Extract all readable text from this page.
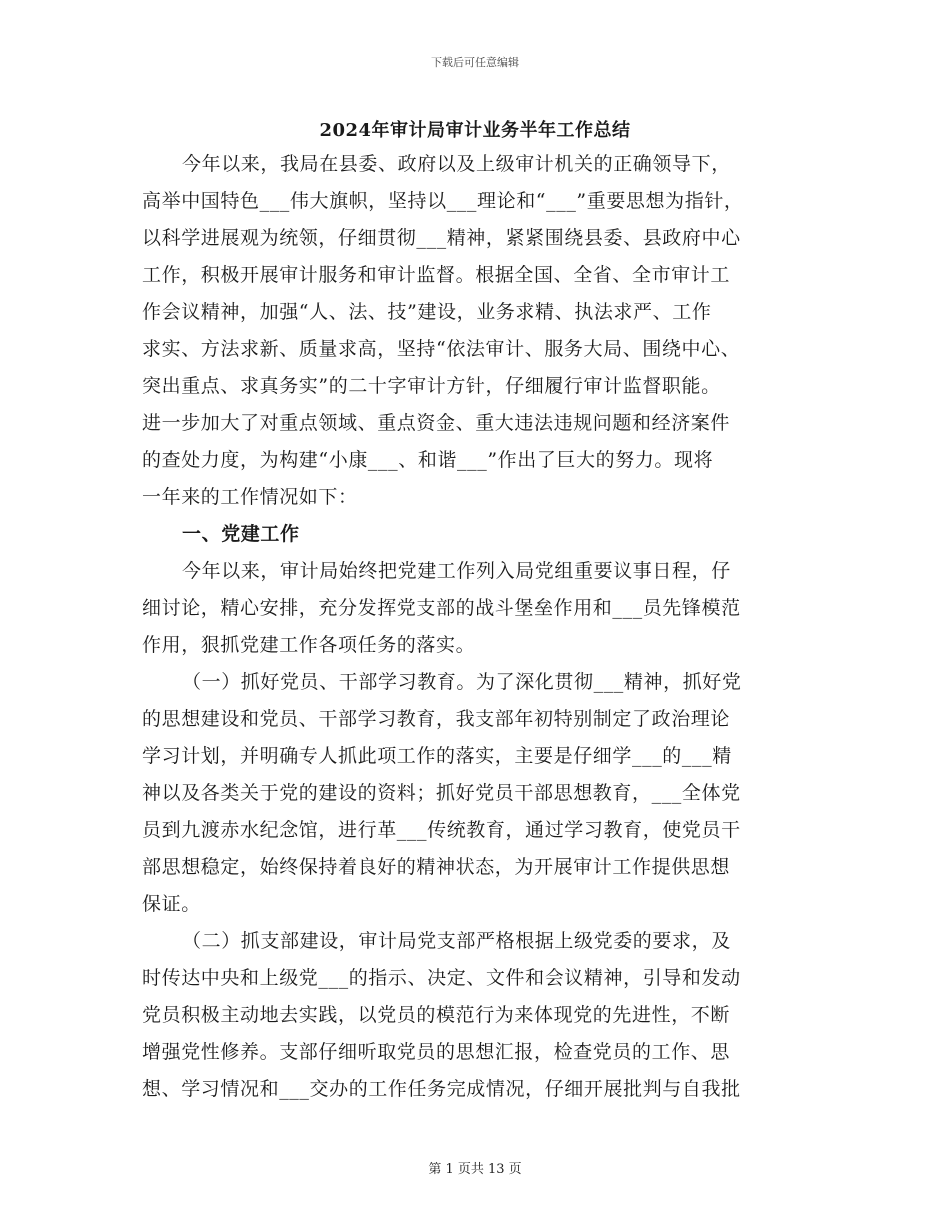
下载后可任意编辑
2024年审计局审计业务半年工作总结
今年以来，我局在县委、政府以及上级审计机关的正确领导下，
高举中国特色___伟大旗帜，坚持以___理论和“___”重要思想为指针，
以科学进展观为统领，仔细贯彻___精神，紧紧围绕县委、县政府中心
工作，积极开展审计服务和审计监督。根据全国、全省、全市审计工
作会议精神，加强“人、法、技”建设，业务求精、执法求严、工作
求实、方法求新、质量求高，坚持“依法审计、服务大局、围绕中心、
突出重点、求真务实”的二十字审计方针，仔细履行审计监督职能。
进一步加大了对重点领域、重点资金、重大违法违规问题和经济案件
的查处力度，为构建“小康___、和谐___”作出了巨大的努力。现将
一年来的工作情况如下：
一、党建工作
今年以来，审计局始终把党建工作列入局党组重要议事日程，仔
细讨论，精心安排，充分发挥党支部的战斗堡垒作用和___员先锋模范
作用，狠抓党建工作各项任务的落实。
（一）抓好党员、干部学习教育。为了深化贯彻___精神，抓好党
的思想建设和党员、干部学习教育，我支部年初特别制定了政治理论
学习计划，并明确专人抓此项工作的落实，主要是仔细学___的___精
神以及各类关于党的建设的资料；抓好党员干部思想教育，___全体党
员到九渡赤水纪念馆，进行革___传统教育，通过学习教育，使党员干
部思想稳定，始终保持着良好的精神状态，为开展审计工作提供思想
保证。
（二）抓支部建设，审计局党支部严格根据上级党委的要求，及
时传达中央和上级党___的指示、决定、文件和会议精神，引导和发动
党员积极主动地去实践，以党员的模范行为来体现党的先进性，不断
增强党性修养。支部仔细听取党员的思想汇报，检查党员的工作、思
想、学习情况和___交办的工作任务完成情况，仔细开展批判与自我批
第 1 页共 13 页
